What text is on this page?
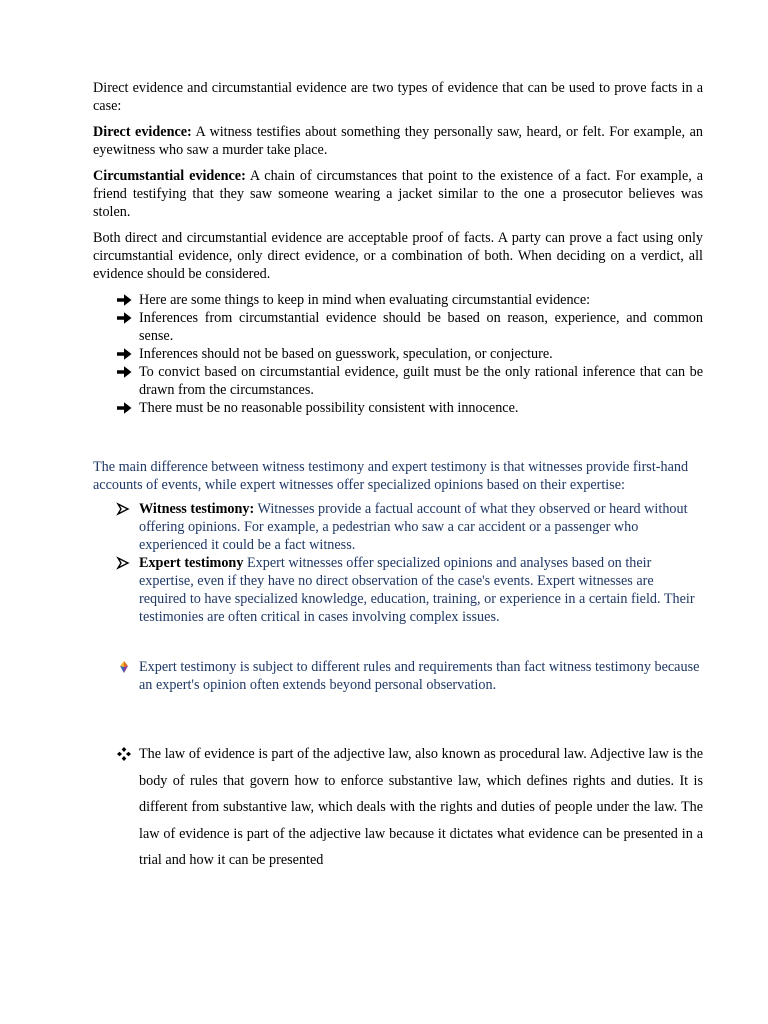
Direct evidence and circumstantial evidence are two types of evidence that can be used to prove facts in a case:

Direct evidence: A witness testifies about something they personally saw, heard, or felt. For example, an eyewitness who saw a murder take place.

Circumstantial evidence: A chain of circumstances that point to the existence of a fact. For example, a friend testifying that they saw someone wearing a jacket similar to the one a prosecutor believes was stolen.

Both direct and circumstantial evidence are acceptable proof of facts. A party can prove a fact using only circumstantial evidence, only direct evidence, or a combination of both. When deciding on a verdict, all evidence should be considered.

Here are some things to keep in mind when evaluating circumstantial evidence:
Inferences from circumstantial evidence should be based on reason, experience, and common sense.
Inferences should not be based on guesswork, speculation, or conjecture.
To convict based on circumstantial evidence, guilt must be the only rational inference that can be drawn from the circumstances.
There must be no reasonable possibility consistent with innocence.

The main difference between witness testimony and expert testimony is that witnesses provide first-hand accounts of events, while expert witnesses offer specialized opinions based on their expertise:

Witness testimony: Witnesses provide a factual account of what they observed or heard without offering opinions. For example, a pedestrian who saw a car accident or a passenger who experienced it could be a fact witness.
Expert testimony Expert witnesses offer specialized opinions and analyses based on their expertise, even if they have no direct observation of the case's events. Expert witnesses are required to have specialized knowledge, education, training, or experience in a certain field. Their testimonies are often critical in cases involving complex issues.
Expert testimony is subject to different rules and requirements than fact witness testimony because an expert's opinion often extends beyond personal observation.
The law of evidence is part of the adjective law, also known as procedural law. Adjective law is the body of rules that govern how to enforce substantive law, which defines rights and duties. It is different from substantive law, which deals with the rights and duties of people under the law. The law of evidence is part of the adjective law because it dictates what evidence can be presented in a trial and how it can be presented
